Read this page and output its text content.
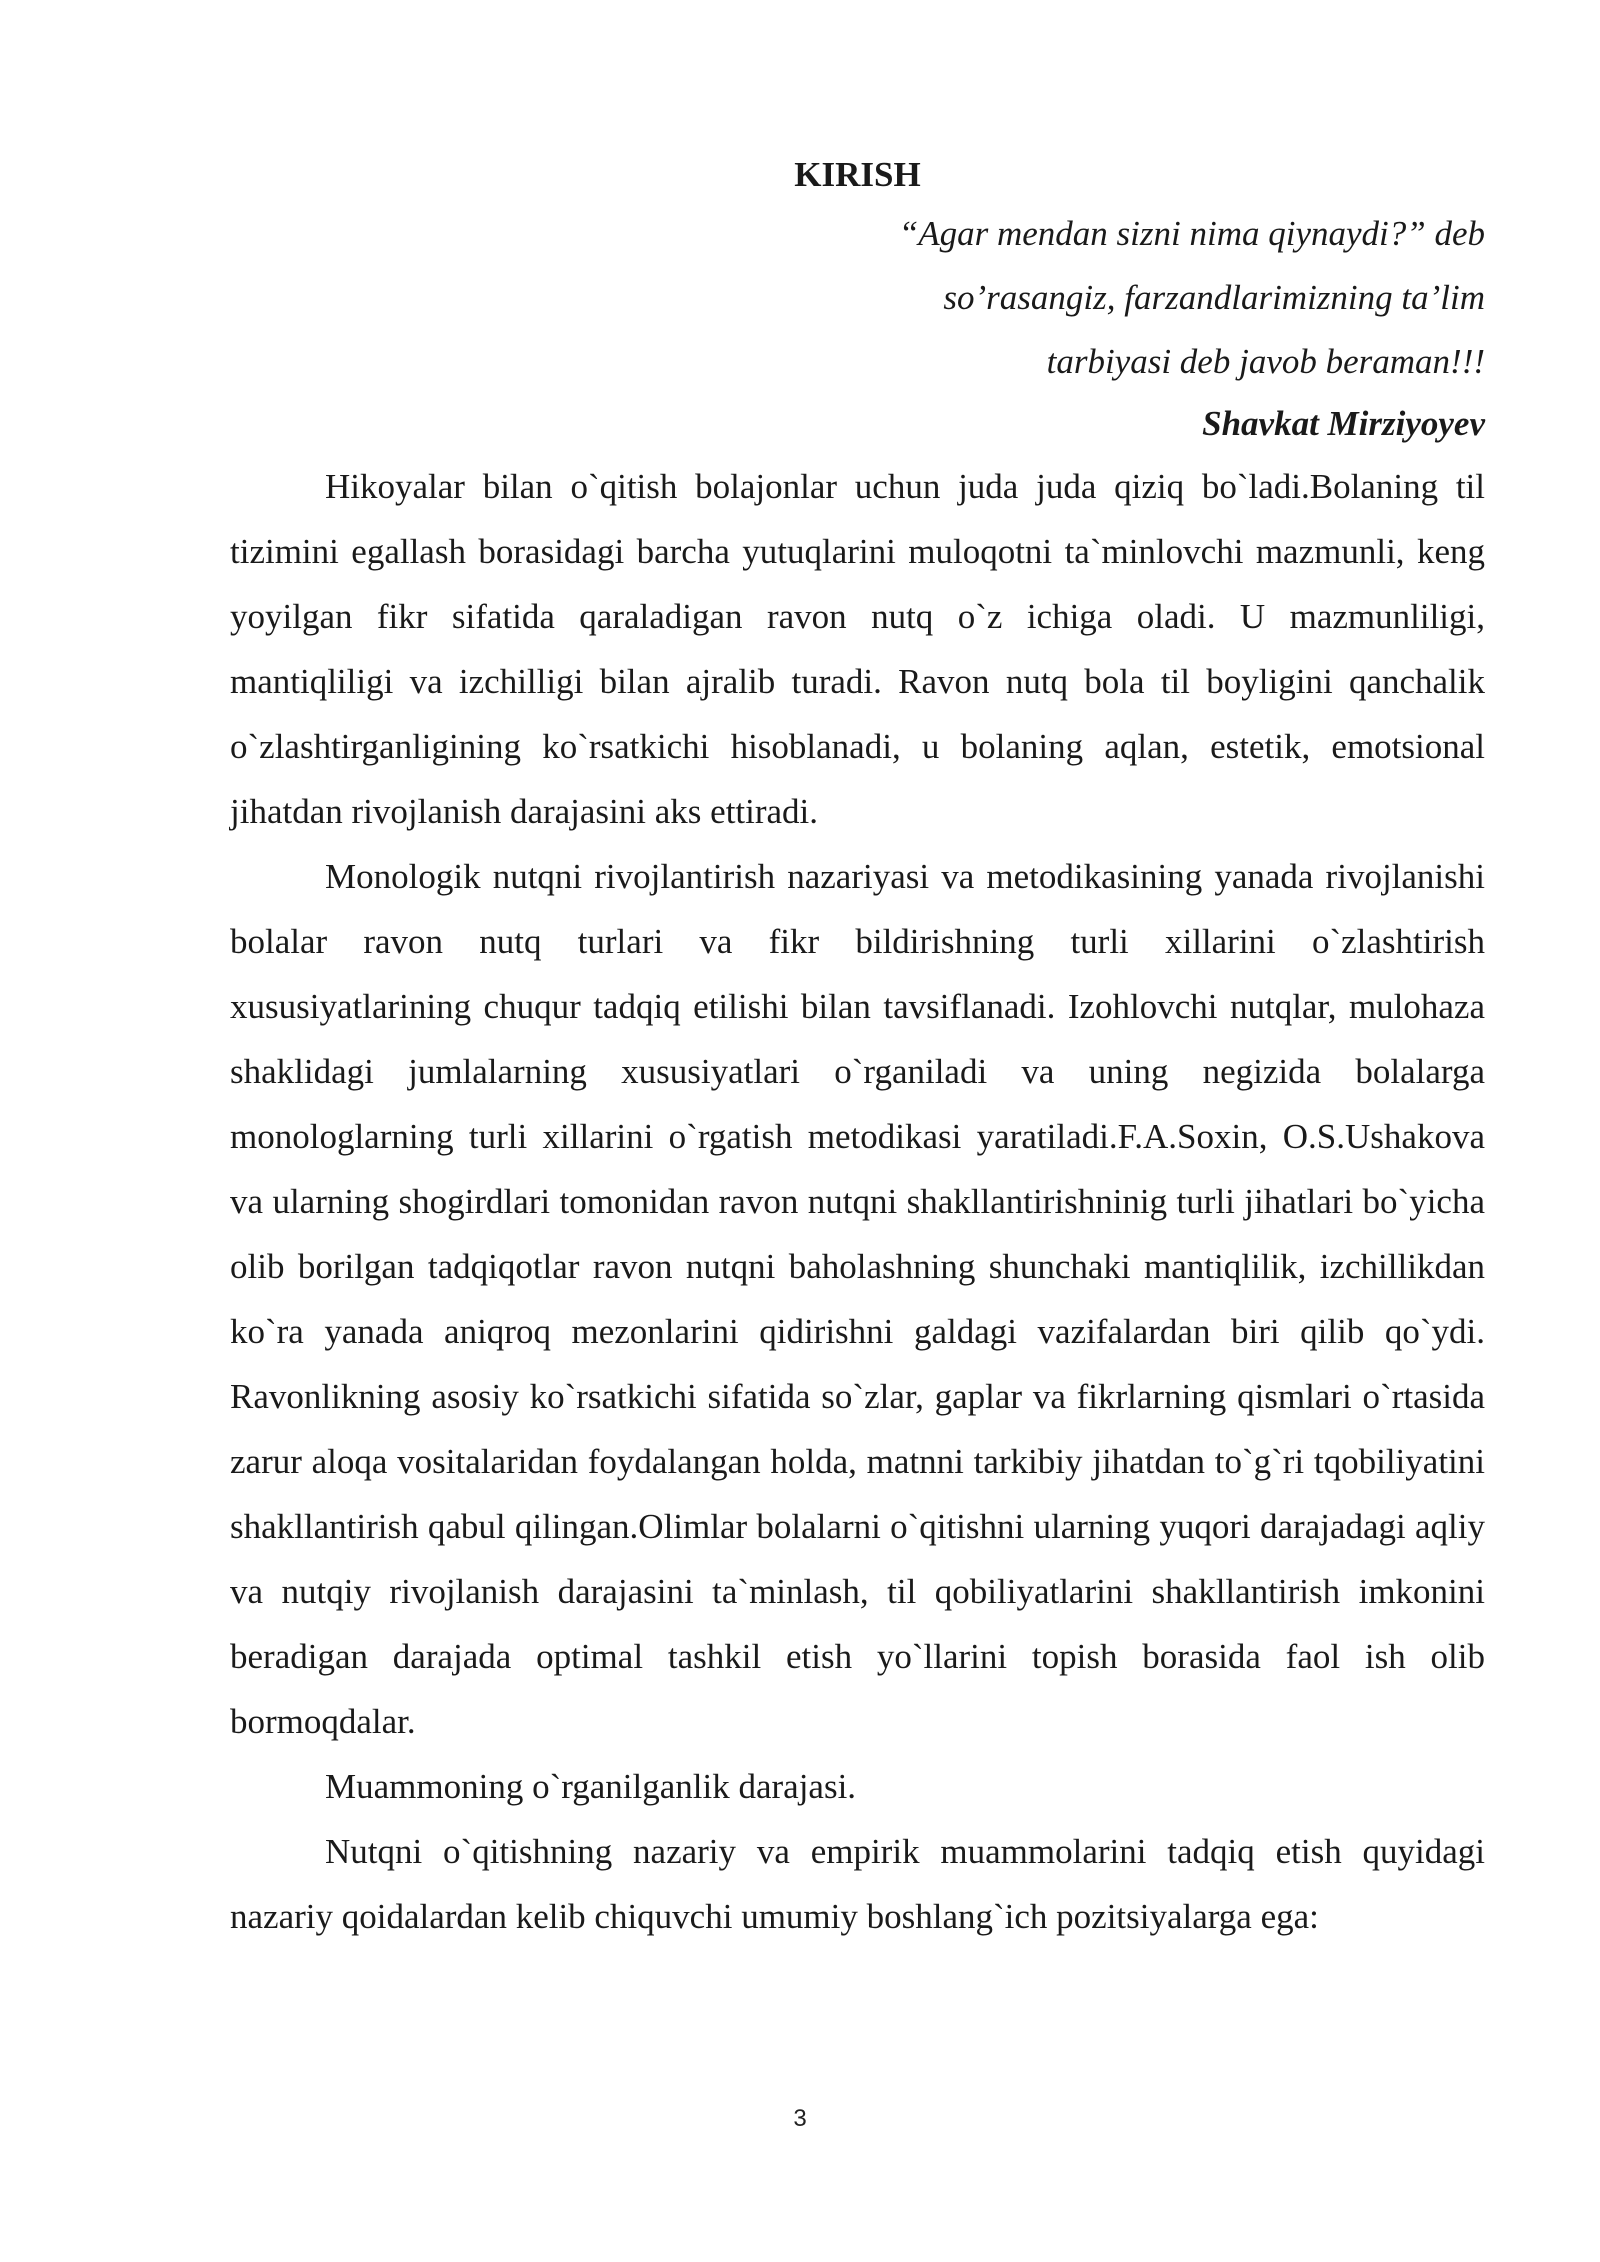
KIRISH

“Agar mendan sizni nima qiynaydi?” deb

so’rasangiz, farzandlarimizning ta’lim

tarbiyasi deb javob beraman!!!

Shavkat Mirziyoyev

Hikoyalar bilan o`qitish bolajonlar uchun juda juda qiziq bo`ladi.Bolaning til tizimini egallash borasidagi barcha yutuqlarini muloqotni ta`minlovchi mazmunli, keng yoyilgan fikr sifatida qaraladigan ravon nutq o`z ichiga oladi. U mazmunliligi, mantiqliligi va izchilligi bilan ajralib turadi. Ravon nutq bola til boyligini qanchalik o`zlashtirganligining ko`rsatkichi hisoblanadi, u bolaning aqlan, estetik, emotsional jihatdan rivojlanish darajasini aks ettiradi.

Monologik nutqni rivojlantirish nazariyasi va metodikasining yanada rivojlanishi bolalar ravon nutq turlari va fikr bildirishning turli xillarini o`zlashtirish xususiyatlarining chuqur tadqiq etilishi bilan tavsiflanadi. Izohlovchi nutqlar, mulohaza shaklidagi jumlalarning xususiyatlari o`rganiladi va uning negizida bolalarga monologlarning turli xillarini o`rgatish metodikasi yaratiladi.F.A.Soxin, O.S.Ushakova va ularning shogirdlari tomonidan ravon nutqni shakllantirishninig turli jihatlari bo`yicha olib borilgan tadqiqotlar ravon nutqni baholashning shunchaki mantiqlilik, izchillikdan ko`ra yanada aniqroq mezonlarini qidirishni galdagi vazifalardan biri qilib qo`ydi. Ravonlikning asosiy ko`rsatkichi sifatida so`zlar, gaplar va fikrlarning qismlari o`rtasida zarur aloqa vositalaridan foydalangan holda, matnni tarkibiy jihatdan to`g`ri tqobiliyatini shakllantirish qabul qilingan.Olimlar bolalarni o`qitishni ularning yuqori darajadagi aqliy va nutqiy rivojlanish darajasini ta`minlash, til qobiliyatlarini shakllantirish imkonini beradigan darajada optimal tashkil etish yo`llarini topish borasida faol ish olib bormoqdalar.

Muammoning o`rganilganlik darajasi.

Nutqni o`qitishning nazariy va empirik muammolarini tadqiq etish quyidagi nazariy qoidalardan kelib chiquvchi umumiy boshlang`ich pozitsiyalarga ega:

3
